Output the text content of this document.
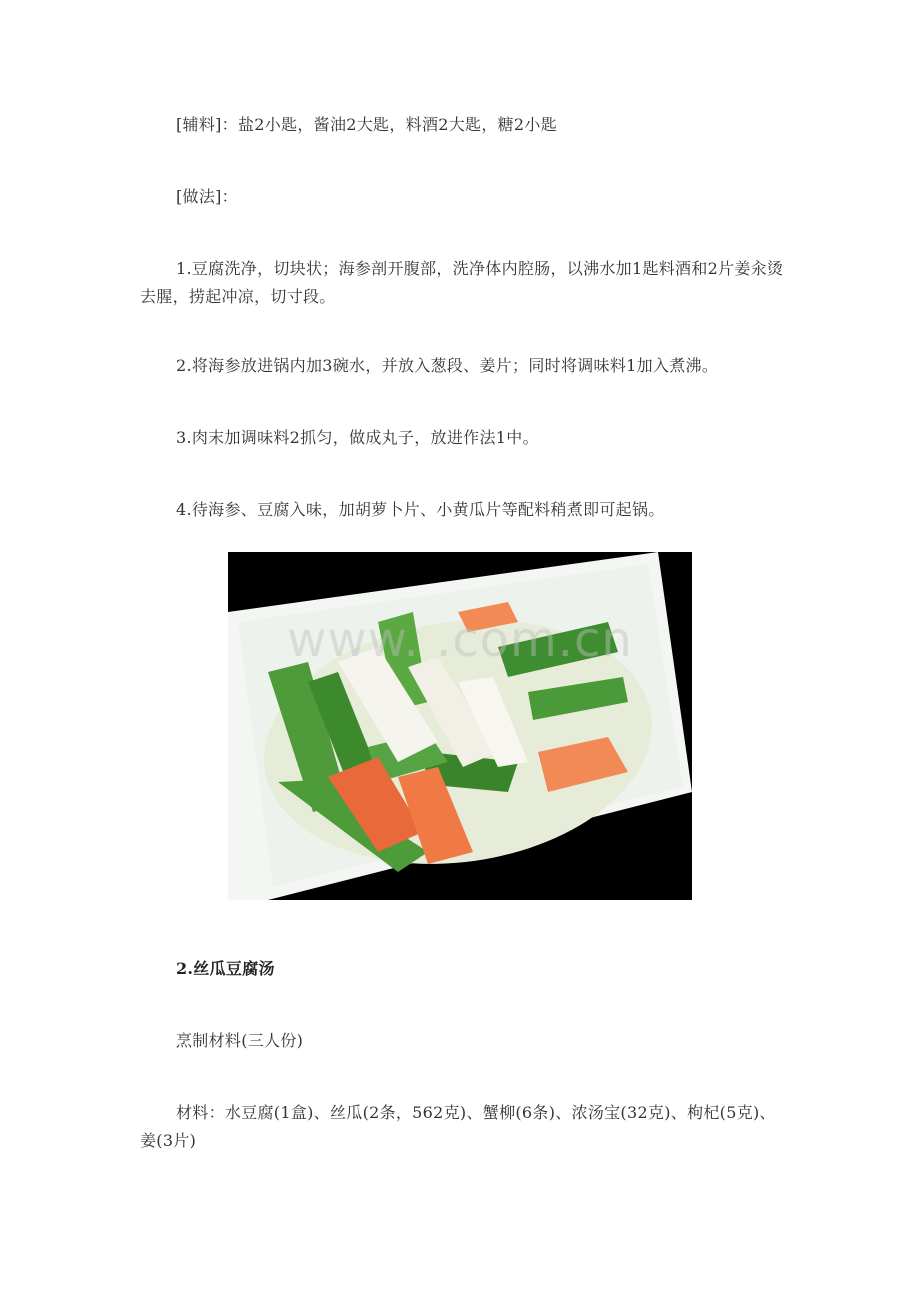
[辅料]：盐2小匙，酱油2大匙，料酒2大匙，糖2小匙

[做法]：

1.豆腐洗净，切块状；海参剖开腹部，洗净体内腔肠，以沸水加1匙料酒和2片姜汆烫去腥，捞起冲凉，切寸段。

2.将海参放进锅内加3碗水，并放入葱段、姜片；同时将调味料1加入煮沸。

3.肉末加调味料2抓匀，做成丸子，放进作法1中。

4.待海参、豆腐入味，加胡萝卜片、小黄瓜片等配料稍煮即可起锅。

www. .com.cn

2.丝瓜豆腐汤

烹制材料(三人份)

材料：水豆腐(1盒)、丝瓜(2条，562克)、蟹柳(6条)、浓汤宝(32克)、枸杞(5克)、姜(3片)
